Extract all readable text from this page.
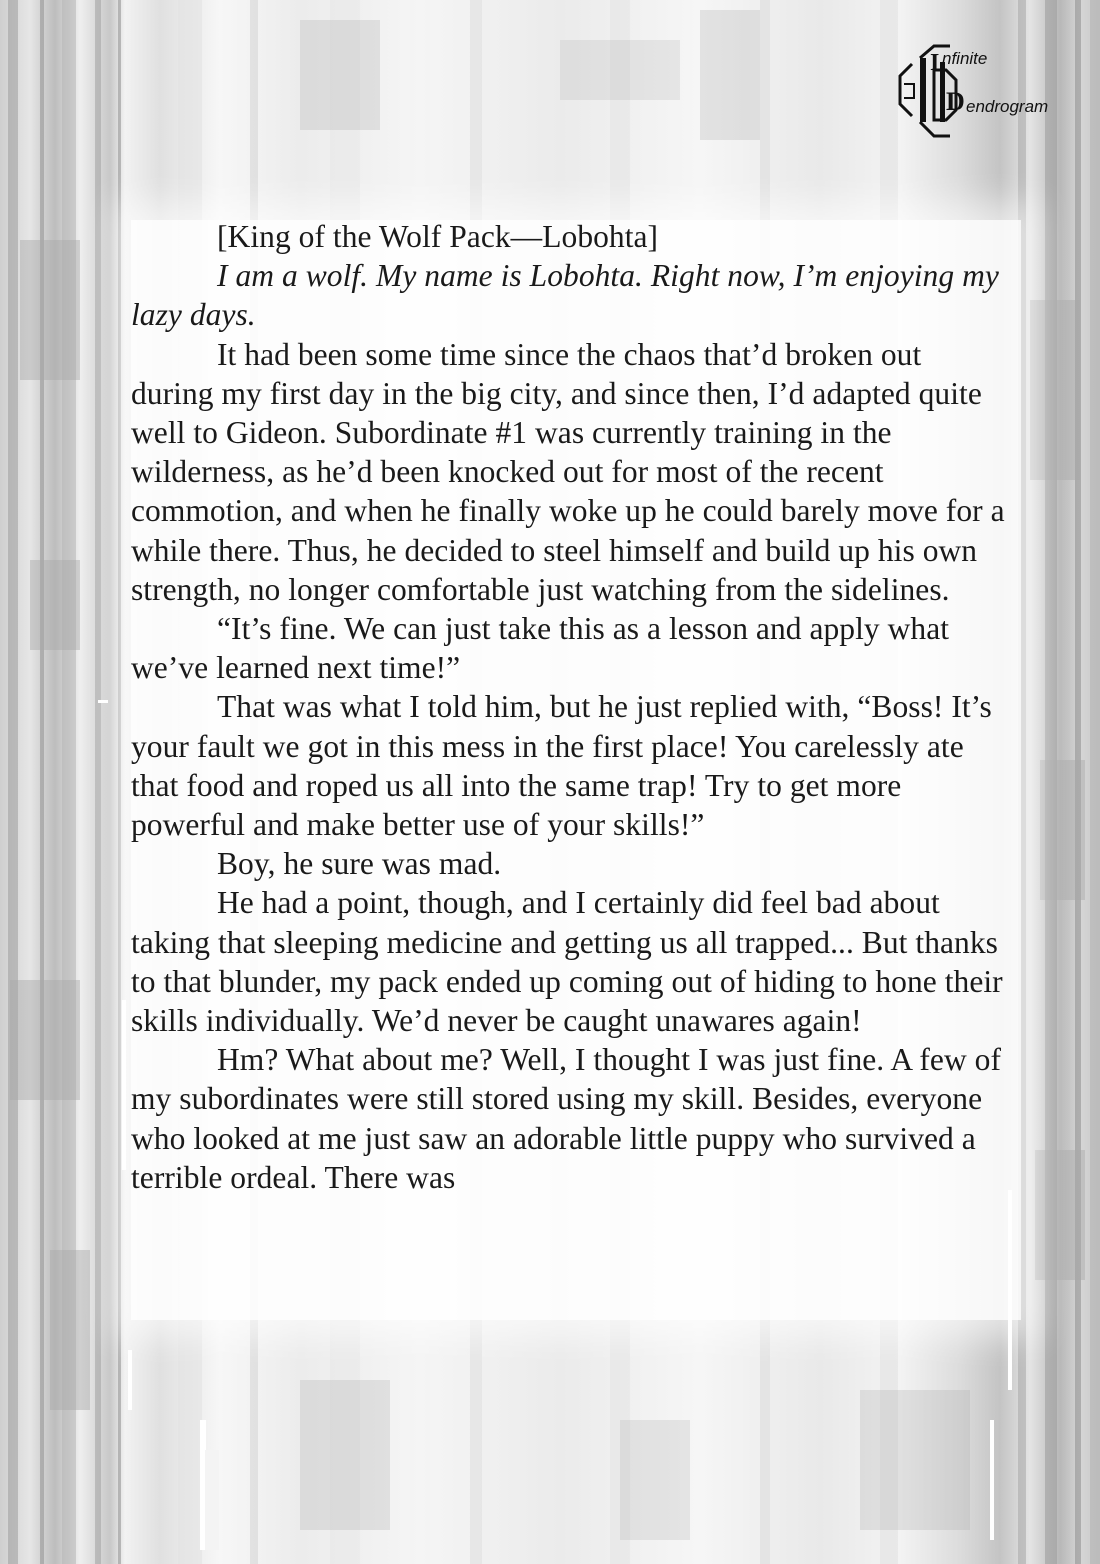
I nfinite
D endrogram

[King of the Wolf Pack—Lobohta]

I am a wolf. My name is Lobohta. Right now, I’m enjoying my lazy days.

It had been some time since the chaos that’d broken out during my first day in the big city, and since then, I’d adapted quite well to Gideon. Subordinate #1 was currently training in the wilderness, as he’d been knocked out for most of the recent commotion, and when he finally woke up he could barely move for a while there. Thus, he decided to steel himself and build up his own strength, no longer comfortable just watching from the sidelines.

“It’s fine. We can just take this as a lesson and apply what we’ve learned next time!”

That was what I told him, but he just replied with, “Boss! It’s your fault we got in this mess in the first place! You carelessly ate that food and roped us all into the same trap! Try to get more powerful and make better use of your skills!”

Boy, he sure was mad.

He had a point, though, and I certainly did feel bad about taking that sleeping medicine and getting us all trapped... But thanks to that blunder, my pack ended up coming out of hiding to hone their skills individually. We’d never be caught unawares again!

Hm? What about me? Well, I thought I was just fine. A few of my subordinates were still stored using my skill. Besides, everyone who looked at me just saw an adorable little puppy who survived a terrible ordeal. There was
